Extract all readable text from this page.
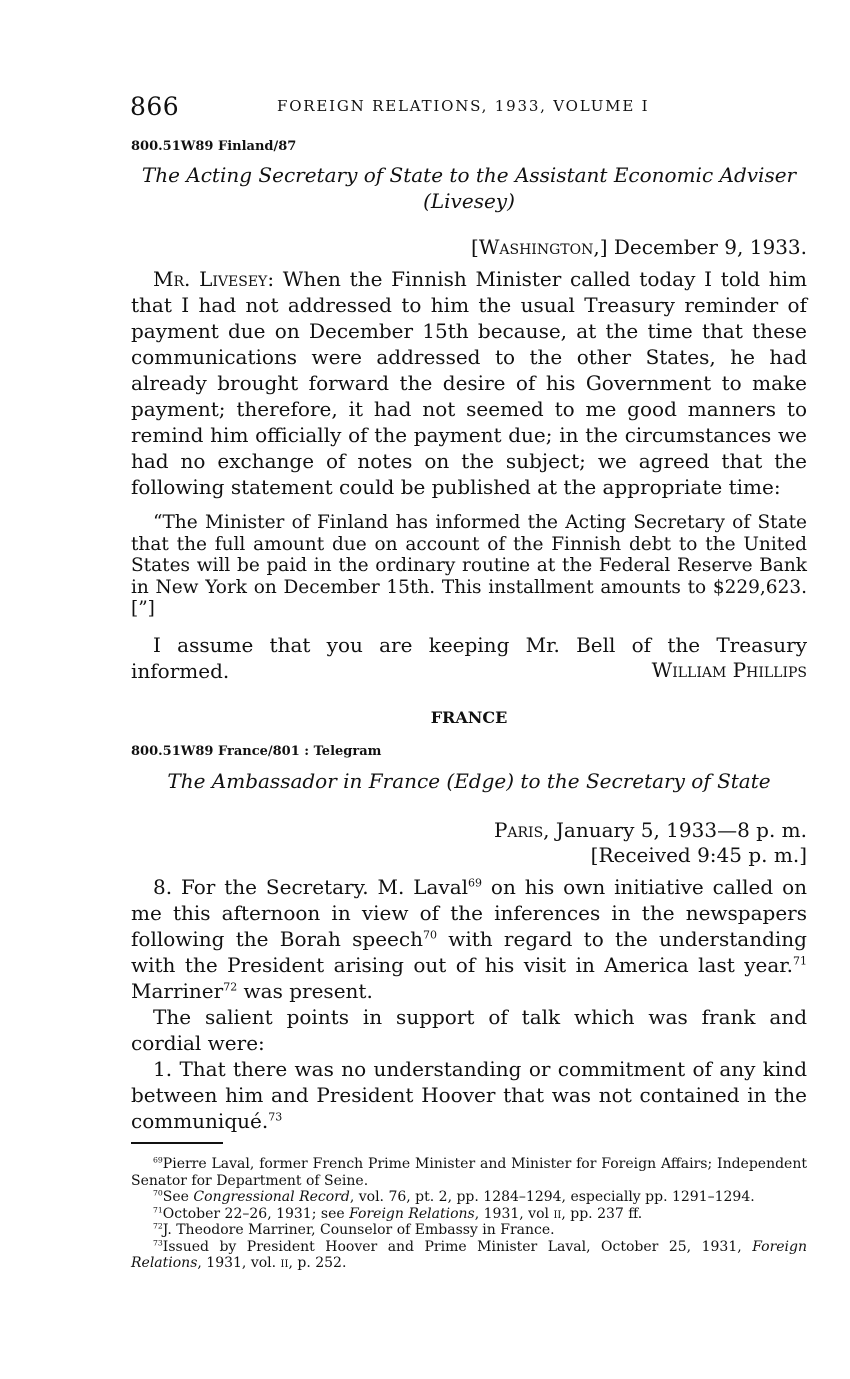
866	FOREIGN RELATIONS, 1933, VOLUME I
800.51W89 Finland/87
The Acting Secretary of State to the Assistant Economic Adviser
(Livesey)
[Washington,] December 9, 1933.

Mr. Livesey: When the Finnish Minister called today I told him that I had not addressed to him the usual Treasury reminder of payment due on December 15th because, at the time that these communications were addressed to the other States, he had already brought forward the desire of his Government to make payment; therefore, it had not seemed to me good manners to remind him officially of the payment due; in the circumstances we had no exchange of notes on the subject; we agreed that the following statement could be published at the appropriate time:

“The Minister of Finland has informed the Acting Secretary of State that the full amount due on account of the Finnish debt to the United States will be paid in the ordinary routine at the Federal Reserve Bank in New York on December 15th. This installment amounts to $229,623.[”]

I assume that you are keeping Mr. Bell of the Treasury informed.	William Phillips
FRANCE
800.51W89 France/801 : Telegram
The Ambassador in France (Edge) to the Secretary of State
Paris, January 5, 1933—8 p. m.
[Received 9:45 p. m.]

8. For the Secretary. M. Laval$^{69}$ on his own initiative called on me this afternoon in view of the inferences in the newspapers following the Borah speech$^{70}$ with regard to the understanding with the President arising out of his visit in America last year.$^{71}$ Marriner$^{72}$ was present.

The salient points in support of talk which was frank and cordial were:

1. That there was no understanding or commitment of any kind between him and President Hoover that was not contained in the communiqué.$^{73}$

$^{69}$Pierre Laval, former French Prime Minister and Minister for Foreign Affairs; Independent Senator for Department of Seine.

$^{70}$See Congressional Record, vol. 76, pt. 2, pp. 1284–1294, especially pp. 1291–1294.

$^{71}$October 22–26, 1931; see Foreign Relations, 1931, vol ii, pp. 237 ff.

$^{72}$J. Theodore Marriner, Counselor of Embassy in France.

$^{73}$Issued by President Hoover and Prime Minister Laval, October 25, 1931, Foreign Relations, 1931, vol. ii, p. 252.
